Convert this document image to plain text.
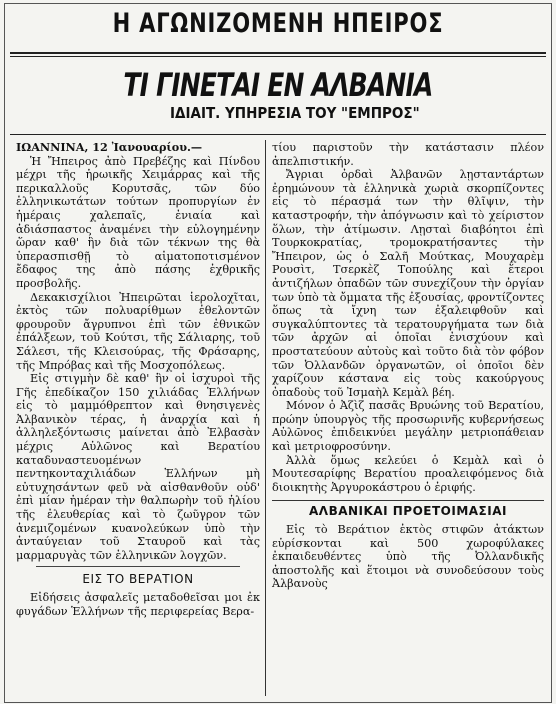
Η ΑΓΩΝΙΖΟΜΕΝΗ ΗΠΕΙΡΟΣ
ΤΙ ΓΙΝΕΤΑΙ ΕΝ ΑΛΒΑΝΙΑ
ΙΔΙΑΙΤ. ΥΠΗΡΕΣΙΑ ΤΟΥ "ΕΜΠΡΟΣ"

ΙΩΑΝΝΙΝΑ, 12 Ἰανουαρίου.—

Ἡ Ἤπειρος ἀπὸ Πρεβέζης καὶ Πίνδου μέχρι τῆς ἡρωικῆς Χειμάρρας καὶ τῆς περικαλλοῦς Κορυτσᾶς, τῶν δύο ἑλληνικωτάτων τούτων προπυργίων ἐν ἡμέραις χαλεπαῖς, ἐνιαία καὶ ἀδιάσπαστος ἀναμένει τὴν εὐλογημένην ὥραν καθ' ἣν διὰ τῶν τέκνων της θὰ ὑπερασπισθῇ τὸ αἱματοποτισμένον ἔδαφος της ἀπὸ πάσης ἐχθρικῆς προσβολῆς.

Δεκακισχίλιοι Ἠπειρῶται ἱερολοχῖται, ἐκτὸς τῶν πολυαρίθμων ἐθελοντῶν φρουροῦν ἄγρυπνοι ἐπὶ τῶν ἐθνικῶν ἐπάλξεων, τοῦ Κούτσι, τῆς Σάλιαρης, τοῦ Σάλεσι, τῆς Κλεισούρας, τῆς Φράσαρης, τῆς Μπρόβας καὶ τῆς Μοσχοπόλεως.

Εἰς στιγμὴν δὲ καθ' ἣν οἱ ἰσχυροὶ τῆς Γῆς ἐπεδίκαζον 150 χιλιάδας Ἑλλήνων εἰς τὸ μαμμόθρεπτον καὶ θνησιγενὲς Ἀλβανικὸν τέρας, ἡ ἀναρχία καὶ ἡ ἀλληλεξόντωσις μαίνεται ἀπὸ Ἐλβασὰν μέχρις Αὐλῶνος καὶ Βερατίου καταδυναστευομένων πεντηκονταχιλιάδων Ἑλλήνων μὴ εὐτυχησάντων φεῦ νὰ αἰσθανθοῦν οὐδ' ἐπὶ μίαν ἡμέραν τὴν θαλπωρὴν τοῦ ἡλίου τῆς ἐλευθερίας καὶ τὸ ζωῦγρον τῶν ἀνεμιζομένων κυανολεύκων ὑπὸ τὴν ἀνταύγειαν τοῦ Σταυροῦ καὶ τὰς μαρμαρυγὰς τῶν ἑλληνικῶν λογχῶν.

ΕΙΣ ΤΟ ΒΕΡΑΤΙΟΝ

Εἰδήσεις ἀσφαλεῖς μεταδοθεῖσαι μοι ἐκ φυγάδων Ἑλλήνων τῆς περιφερείας Βερα-

τίου παριστοῦν τὴν κατάστασιν πλέον ἀπελπιστικήν.

Ἄγριαι ὀρδαὶ Ἀλβανῶν λῃσταντάρτων ἐρημώνουν τὰ ἑλληνικὰ χωριὰ σκορπίζοντες εἰς τὸ πέρασμά των τὴν θλῖψιν, τὴν καταστροφήν, τὴν ἀπόγνωσιν καὶ τὸ χείριστον ὅλων, τὴν ἀτίμωσιν. Λῃσταὶ διαβόητοι ἐπὶ Τουρκοκρατίας, τρομοκρατήσαντες τὴν Ἤπειρον, ὡς ὁ Σαλῆ Μούτκας, Μουχαρὲμ Ρουσὶτ, Τσερκὲζ Τοπούλης καὶ ἕτεροι ἀντιζήλων ὀπαδῶν τῶν συνεχίζουν τὴν ὀργίαν των ὑπὸ τὰ ὄμματα τῆς ἐξουσίας, φροντίζοντες ὅπως τὰ ἴχνη των ἐξαλειφθοῦν καὶ συγκαλύπτοντες τὰ τερατουργήματα των διὰ τῶν ἀρχῶν αἱ ὁποῖαι ἐνισχύουν καὶ προστατεύουν αὐτοὺς καὶ τοῦτο διὰ τὸν φόβον τῶν Ὀλλανδῶν ὀργανωτῶν, οἱ ὁποῖοι δὲν χαρίζουν κάστανα εἰς τοὺς κακούργους ὀπαδοὺς τοῦ Ἰσμαὴλ Κεμὰλ βέη.

Μόνον ὁ Ἀζὶζ πασᾶς Βρυώνης τοῦ Βερατίου, πρώην ὑπουργὸς τῆς προσωρινῆς κυβερνήσεως Αὐλῶνος ἐπιδεικνύει μεγάλην μετριοπάθειαν καὶ μετριοφροσύνην.

Ἀλλὰ ὅμως κελεύει ὁ Κεμὰλ καὶ ὁ Μουτεσαρίφης Βερατίου προαλειφόμενος διὰ διοικητὴς Ἀργυροκάστρου ὁ ἐριφής.

ΑΛΒΑΝΙΚΑΙ ΠΡΟΕΤΟΙΜΑΣΙΑΙ

Εἰς τὸ Βεράτιον ἐκτὸς στιφῶν ἀτάκτων εὑρίσκονται καὶ 500 χωροφύλακες ἐκπαιδευθέντες ὑπὸ τῆς Ὀλλανδικῆς ἀποστολῆς καὶ ἕτοιμοι νὰ συνοδεύσουν τοὺς Ἀλβανοὺς
